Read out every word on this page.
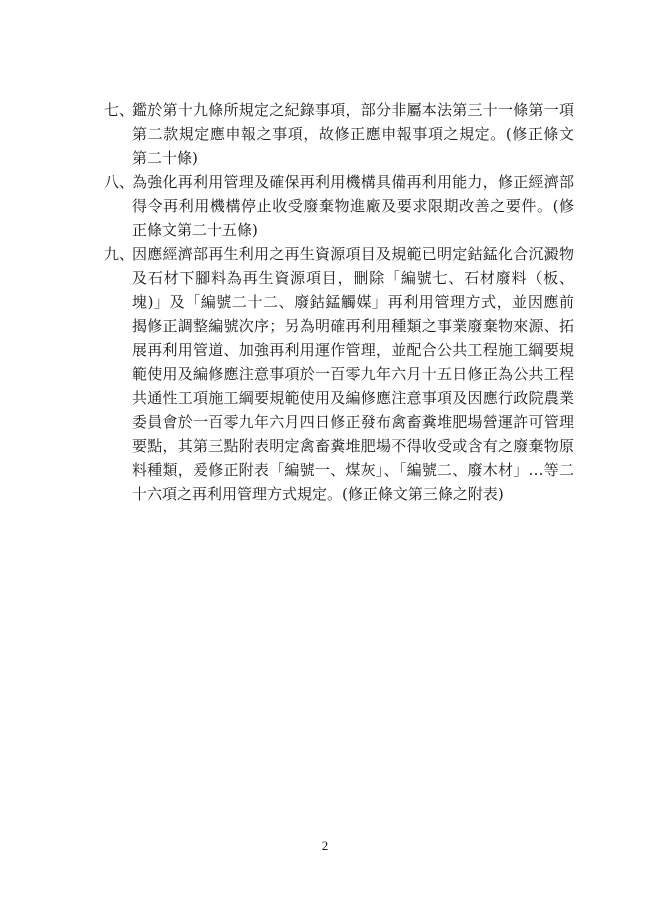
七、
鑑於第十九條所規定之紀錄事項，部分非屬本法第三十一條第一項
第二款規定應申報之事項，故修正應申報事項之規定。(修正條文
第二十條)
八、
為強化再利用管理及確保再利用機構具備再利用能力，修正經濟部
得令再利用機構停止收受廢棄物進廠及要求限期改善之要件。(修
正條文第二十五條)
九、
因應經濟部再生利用之再生資源項目及規範已明定鈷錳化合沉澱物
及石材下腳料為再生資源項目，刪除「編號七、石材廢料（板、
塊)」及「編號二十二、廢鈷錳觸媒」再利用管理方式，並因應前
揭修正調整編號次序；另為明確再利用種類之事業廢棄物來源、拓
展再利用管道、加強再利用運作管理，並配合公共工程施工綱要規
範使用及編修應注意事項於一百零九年六月十五日修正為公共工程
共通性工項施工綱要規範使用及編修應注意事項及因應行政院農業
委員會於一百零九年六月四日修正發布禽畜糞堆肥場營運許可管理
要點，其第三點附表明定禽畜糞堆肥場不得收受或含有之廢棄物原
料種類，爰修正附表「編號一、煤灰」、「編號二、廢木材」…等二
十六項之再利用管理方式規定。(修正條文第三條之附表)
2
